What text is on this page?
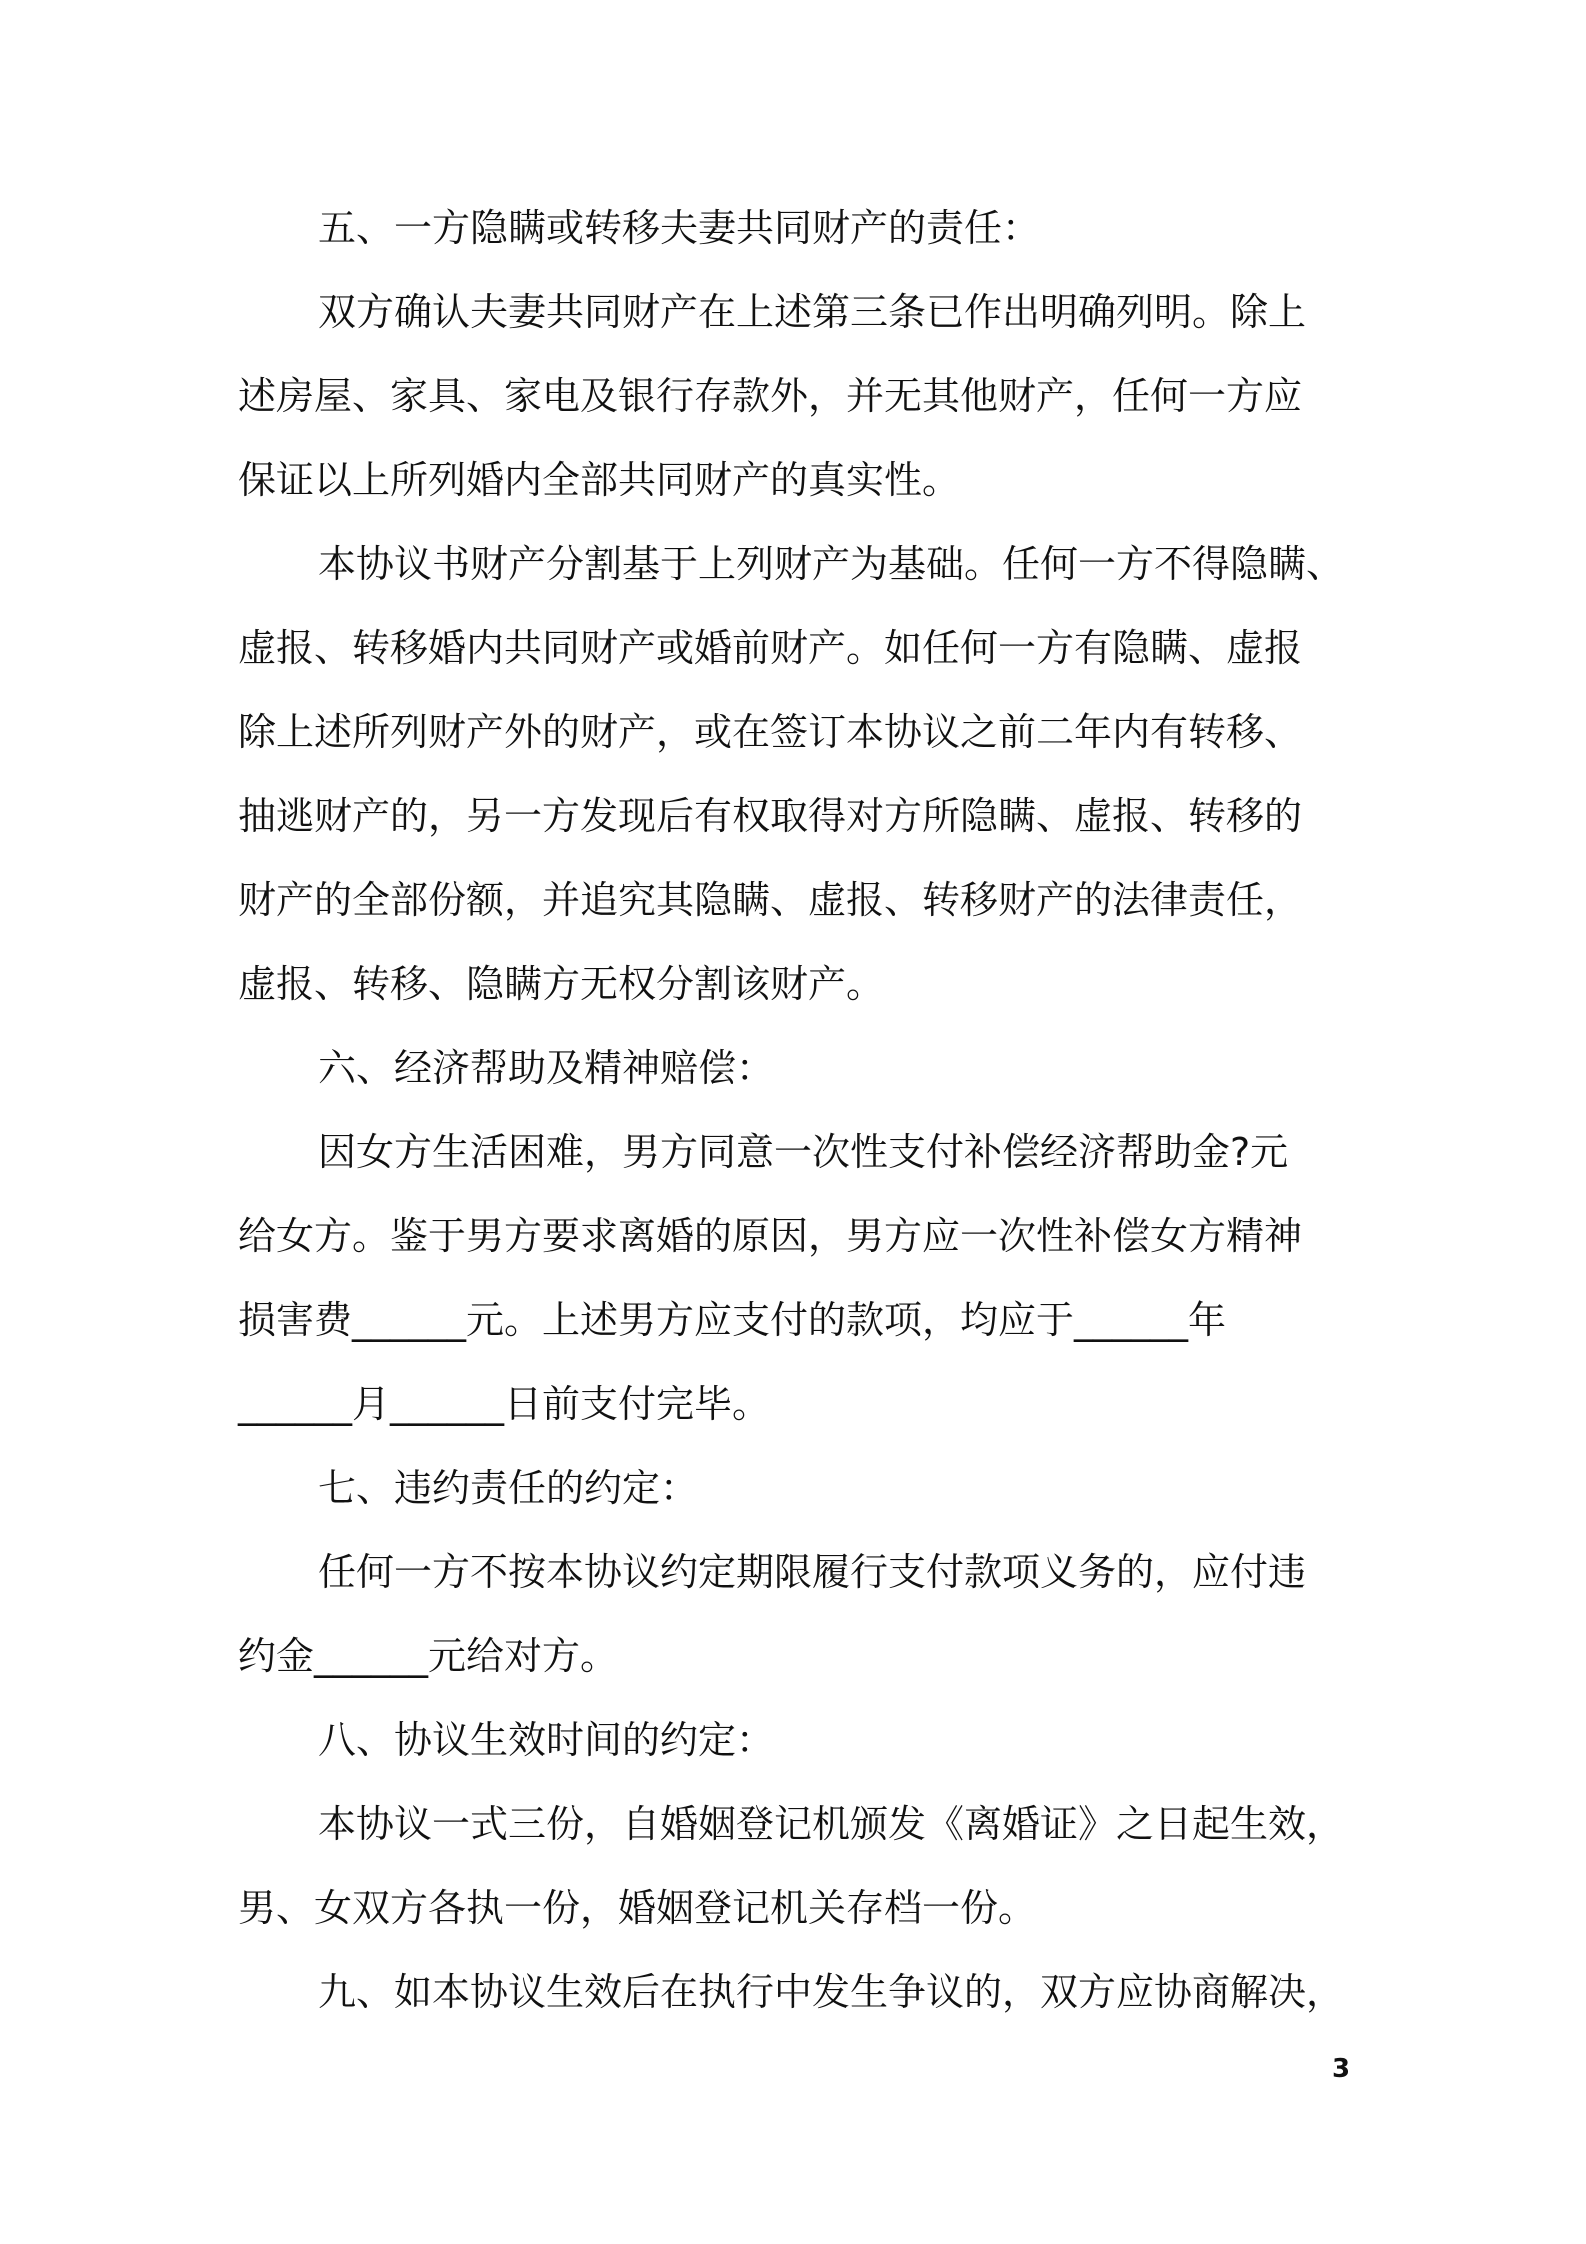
五、一方隐瞒或转移夫妻共同财产的责任：
双方确认夫妻共同财产在上述第三条已作出明确列明。除上
述房屋、家具、家电及银行存款外，并无其他财产，任何一方应
保证以上所列婚内全部共同财产的真实性。
本协议书财产分割基于上列财产为基础。任何一方不得隐瞒、
虚报、转移婚内共同财产或婚前财产。如任何一方有隐瞒、虚报
除上述所列财产外的财产，或在签订本协议之前二年内有转移、
抽逃财产的，另一方发现后有权取得对方所隐瞒、虚报、转移的
财产的全部份额，并追究其隐瞒、虚报、转移财产的法律责任，
虚报、转移、隐瞒方无权分割该财产。
六、经济帮助及精神赔偿：
因女方生活困难，男方同意一次性支付补偿经济帮助金?元
给女方。鉴于男方要求离婚的原因，男方应一次性补偿女方精神
损害费______元。上述男方应支付的款项，均应于______年
______月______日前支付完毕。
七、违约责任的约定：
任何一方不按本协议约定期限履行支付款项义务的，应付违
约金______元给对方。
八、协议生效时间的约定：
本协议一式三份，自婚姻登记机颁发《离婚证》之日起生效，
男、女双方各执一份，婚姻登记机关存档一份。
九、如本协议生效后在执行中发生争议的，双方应协商解决，
3
